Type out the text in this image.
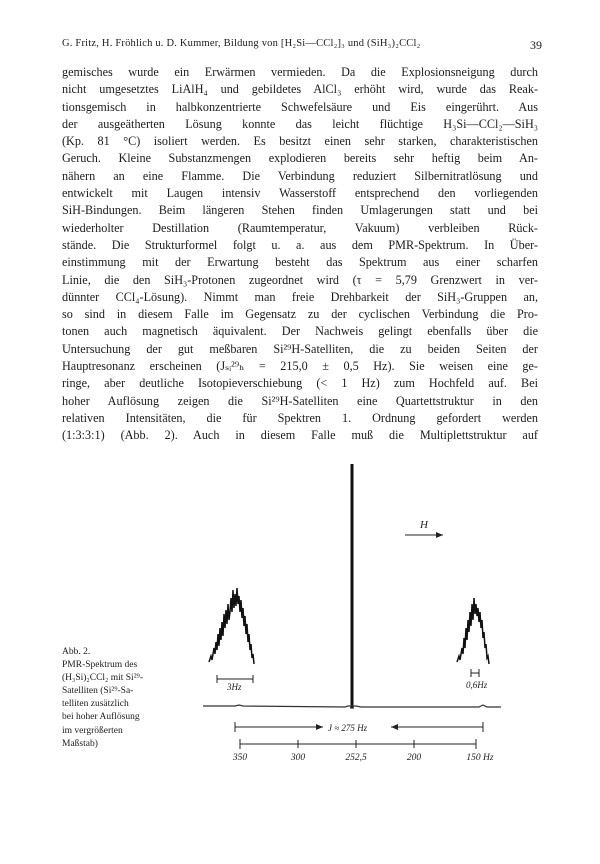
G. Fritz, H. Fröhlich u. D. Kummer, Bildung von [H₂Si—CCl₂]₃ und (SiH₃)₂CCl₂	39

gemisches wurde ein Erwärmen vermieden. Da die Explosionsneigung durch

nicht umgesetztes LiAlH₄ und gebildetes AlCl₃ erhöht wird, wurde das Reak-

tionsgemisch in halbkonzentrierte Schwefelsäure und Eis eingerührt. Aus

der ausgeätherten Lösung konnte das leicht flüchtige H₃Si—CCl₂—SiH₃

(Kp. 81 °C) isoliert werden. Es besitzt einen sehr starken, charakteristischen

Geruch. Kleine Substanzmengen explodieren bereits sehr heftig beim An-

nähern an eine Flamme. Die Verbindung reduziert Silbernitratlösung und

entwickelt mit Laugen intensiv Wasserstoff entsprechend den vorliegenden

SiH-Bindungen. Beim längeren Stehen finden Umlagerungen statt und bei

wiederholter Destillation (Raumtemperatur, Vakuum) verbleiben Rück-

stände. Die Strukturformel folgt u. a. aus dem PMR-Spektrum. In Über-

einstimmung mit der Erwartung besteht das Spektrum aus einer scharfen

Linie, die den SiH₃-Protonen zugeordnet wird (τ = 5,79 Grenzwert in ver-

dünnter CCl₄-Lösung). Nimmt man freie Drehbarkeit der SiH₃-Gruppen an,

so sind in diesem Falle im Gegensatz zu der cyclischen Verbindung die Pro-

tonen auch magnetisch äquivalent. Der Nachweis gelingt ebenfalls über die

Untersuchung der gut meßbaren Si²⁹H-Satelliten, die zu beiden Seiten der

Hauptresonanz erscheinen (Jₛᵢ²⁹ₕ = 215,0 ± 0,5 Hz). Sie weisen eine ge-

ringe, aber deutliche Isotopieverschiebung (< 1 Hz) zum Hochfeld auf. Bei

hoher Auflösung zeigen die Si²⁹H-Satelliten eine Quartettstruktur in den

relativen Intensitäten, die für Spektren 1. Ordnung gefordert werden

(1:3:3:1) (Abb. 2). Auch in diesem Falle muß die Multiplettstruktur auf

Abb. 2.
PMR-Spektrum des
(H₃Si)₂CCl₂ mit Si²⁹-
Satelliten (Si²⁹-Sa-
telliten zusätzlich
bei hoher Auflösung
im vergrößerten
Maßstab)
H
3Hz	0,6Hz
J ≈ 275 Hz
350	300	252,5	200	150 Hz
